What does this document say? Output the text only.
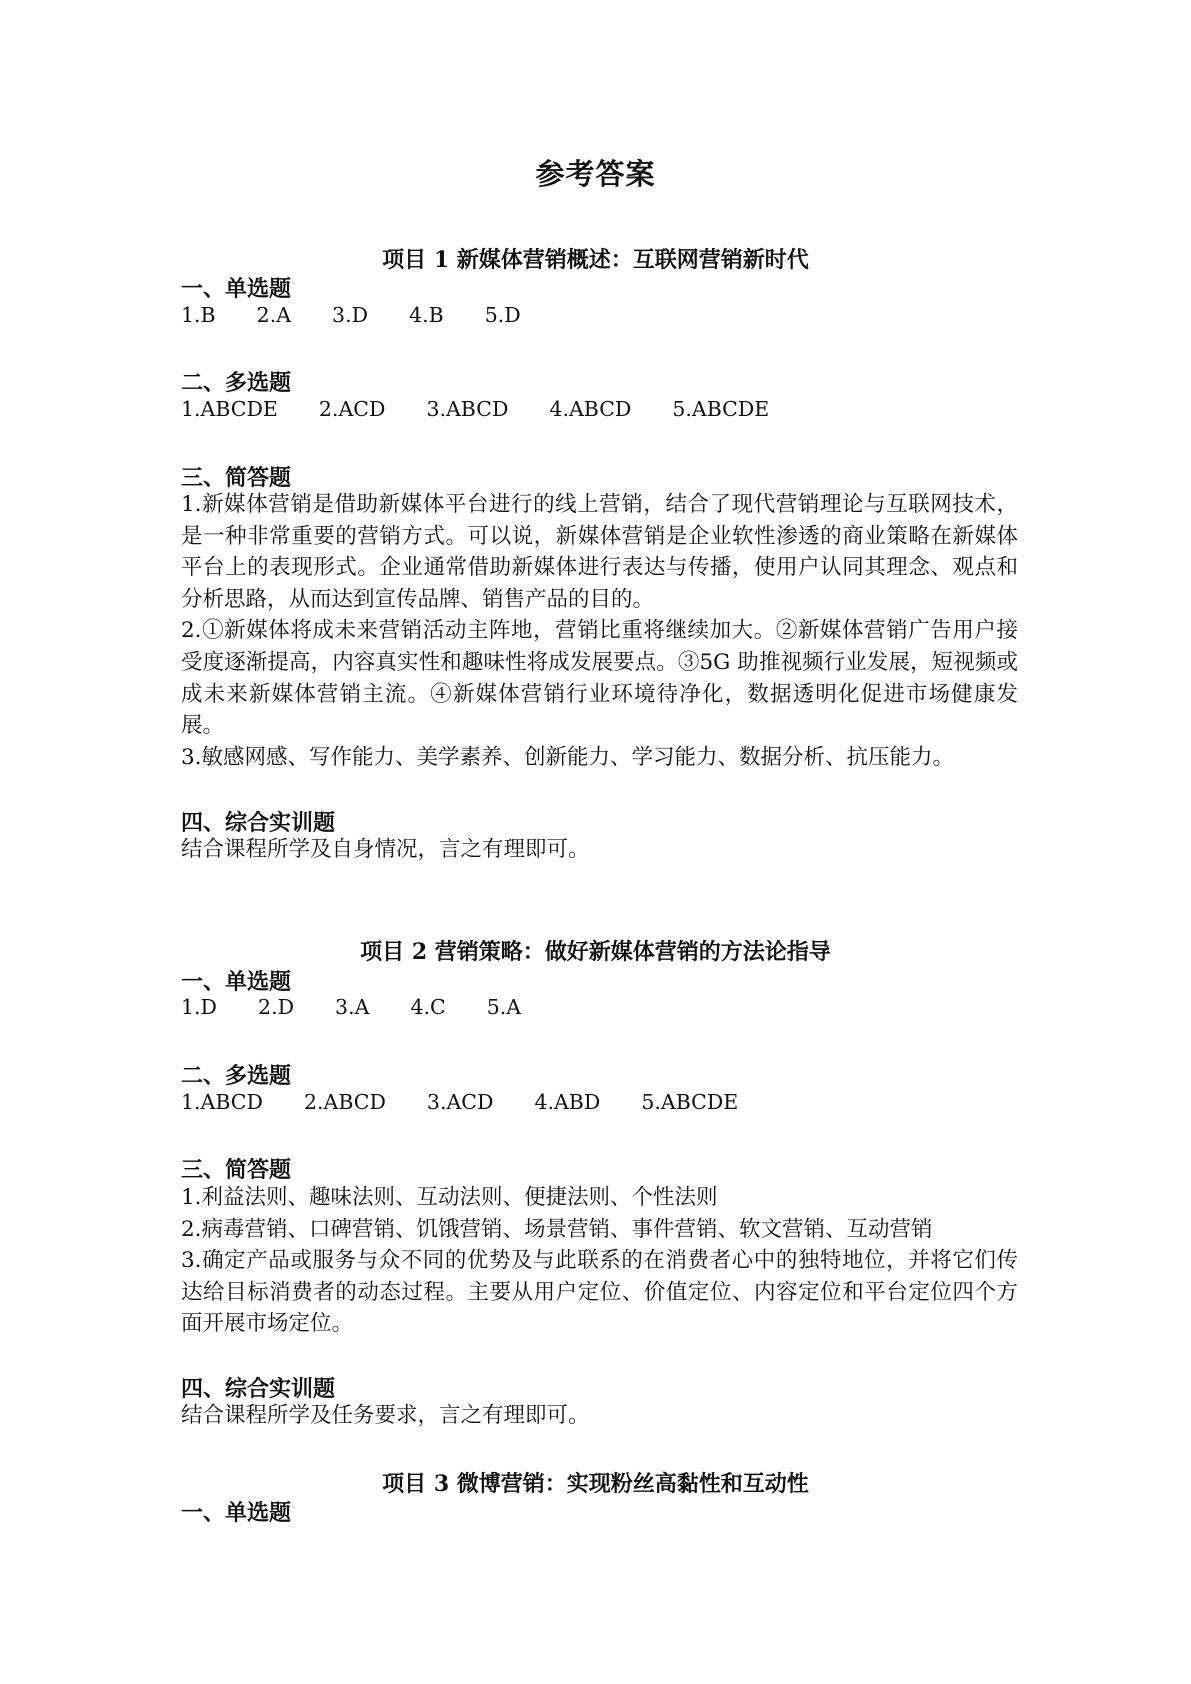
参考答案
项目 1 新媒体营销概述：互联网营销新时代
一、单选题
1.B  2.A  3.D  4.B  5.D
二、多选题
1.ABCDE  2.ACD  3.ABCD  4.ABCD  5.ABCDE
三、简答题

1.新媒体营销是借助新媒体平台进行的线上营销，结合了现代营销理论与互联网技术，是一种非常重要的营销方式。可以说，新媒体营销是企业软性渗透的商业策略在新媒体平台上的表现形式。企业通常借助新媒体进行表达与传播，使用户认同其理念、观点和分析思路，从而达到宣传品牌、销售产品的目的。

2.①新媒体将成未来营销活动主阵地，营销比重将继续加大。②新媒体营销广告用户接受度逐渐提高，内容真实性和趣味性将成发展要点。③5G 助推视频行业发展，短视频或成未来新媒体营销主流。④新媒体营销行业环境待净化，数据透明化促进市场健康发展。

3.敏感网感、写作能力、美学素养、创新能力、学习能力、数据分析、抗压能力。

四、综合实训题
结合课程所学及自身情况，言之有理即可。
项目 2 营销策略：做好新媒体营销的方法论指导
一、单选题
1.D  2.D  3.A  4.C  5.A
二、多选题
1.ABCD  2.ABCD  3.ACD  4.ABD  5.ABCDE
三、简答题

1.利益法则、趣味法则、互动法则、便捷法则、个性法则

2.病毒营销、口碑营销、饥饿营销、场景营销、事件营销、软文营销、互动营销

3.确定产品或服务与众不同的优势及与此联系的在消费者心中的独特地位，并将它们传达给目标消费者的动态过程。主要从用户定位、价值定位、内容定位和平台定位四个方面开展市场定位。

四、综合实训题
结合课程所学及任务要求，言之有理即可。
项目 3 微博营销：实现粉丝高黏性和互动性
一、单选题
